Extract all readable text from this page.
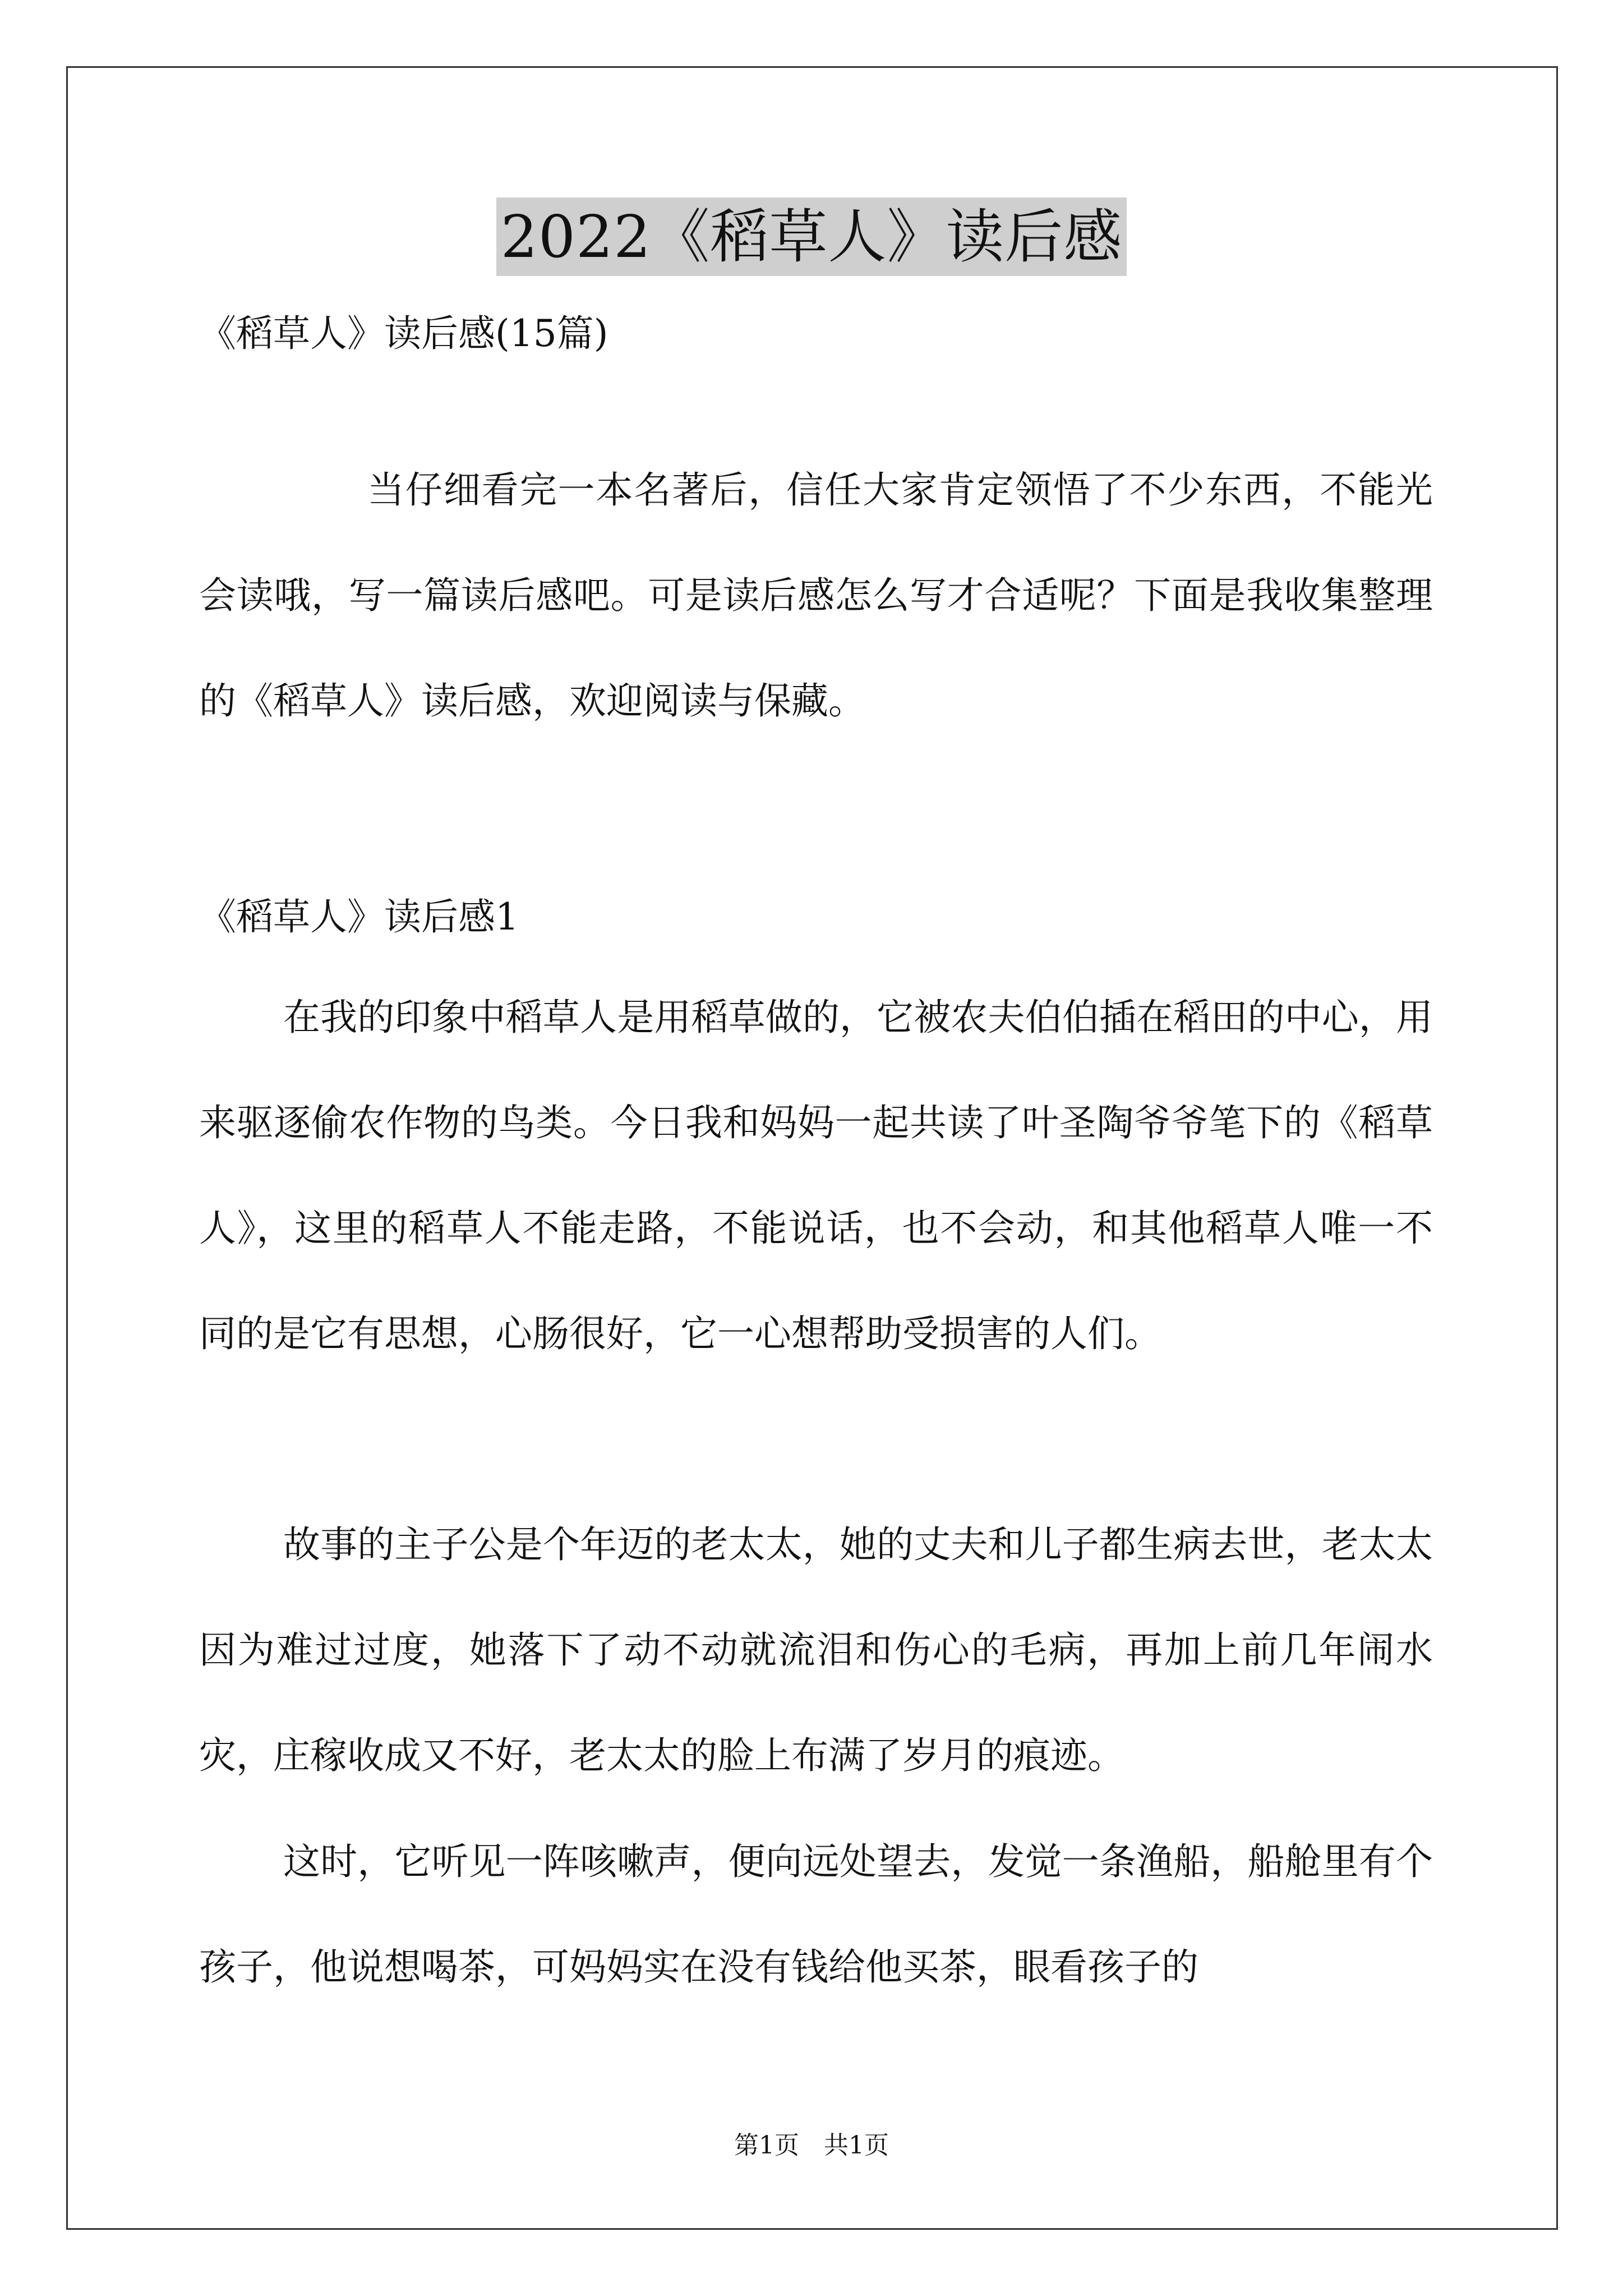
2022《稻草人》读后感
《稻草人》读后感(15篇)

当仔细看完一本名著后，信任大家肯定领悟了不少东西，不能光会读哦，写一篇读后感吧。可是读后感怎么写才合适呢？下面是我收集整理的《稻草人》读后感，欢迎阅读与保藏。

《稻草人》读后感1

在我的印象中稻草人是用稻草做的，它被农夫伯伯插在稻田的中心，用来驱逐偷农作物的鸟类。今日我和妈妈一起共读了叶圣陶爷爷笔下的《稻草人》，这里的稻草人不能走路，不能说话，也不会动，和其他稻草人唯一不同的是它有思想，心肠很好，它一心想帮助受损害的人们。

故事的主子公是个年迈的老太太，她的丈夫和儿子都生病去世，老太太因为难过过度，她落下了动不动就流泪和伤心的毛病，再加上前几年闹水灾，庄稼收成又不好，老太太的脸上布满了岁月的痕迹。

这时，它听见一阵咳嗽声，便向远处望去，发觉一条渔船，船舱里有个孩子，他说想喝茶，可妈妈实在没有钱给他买茶，眼看孩子的

第1页　共1页
